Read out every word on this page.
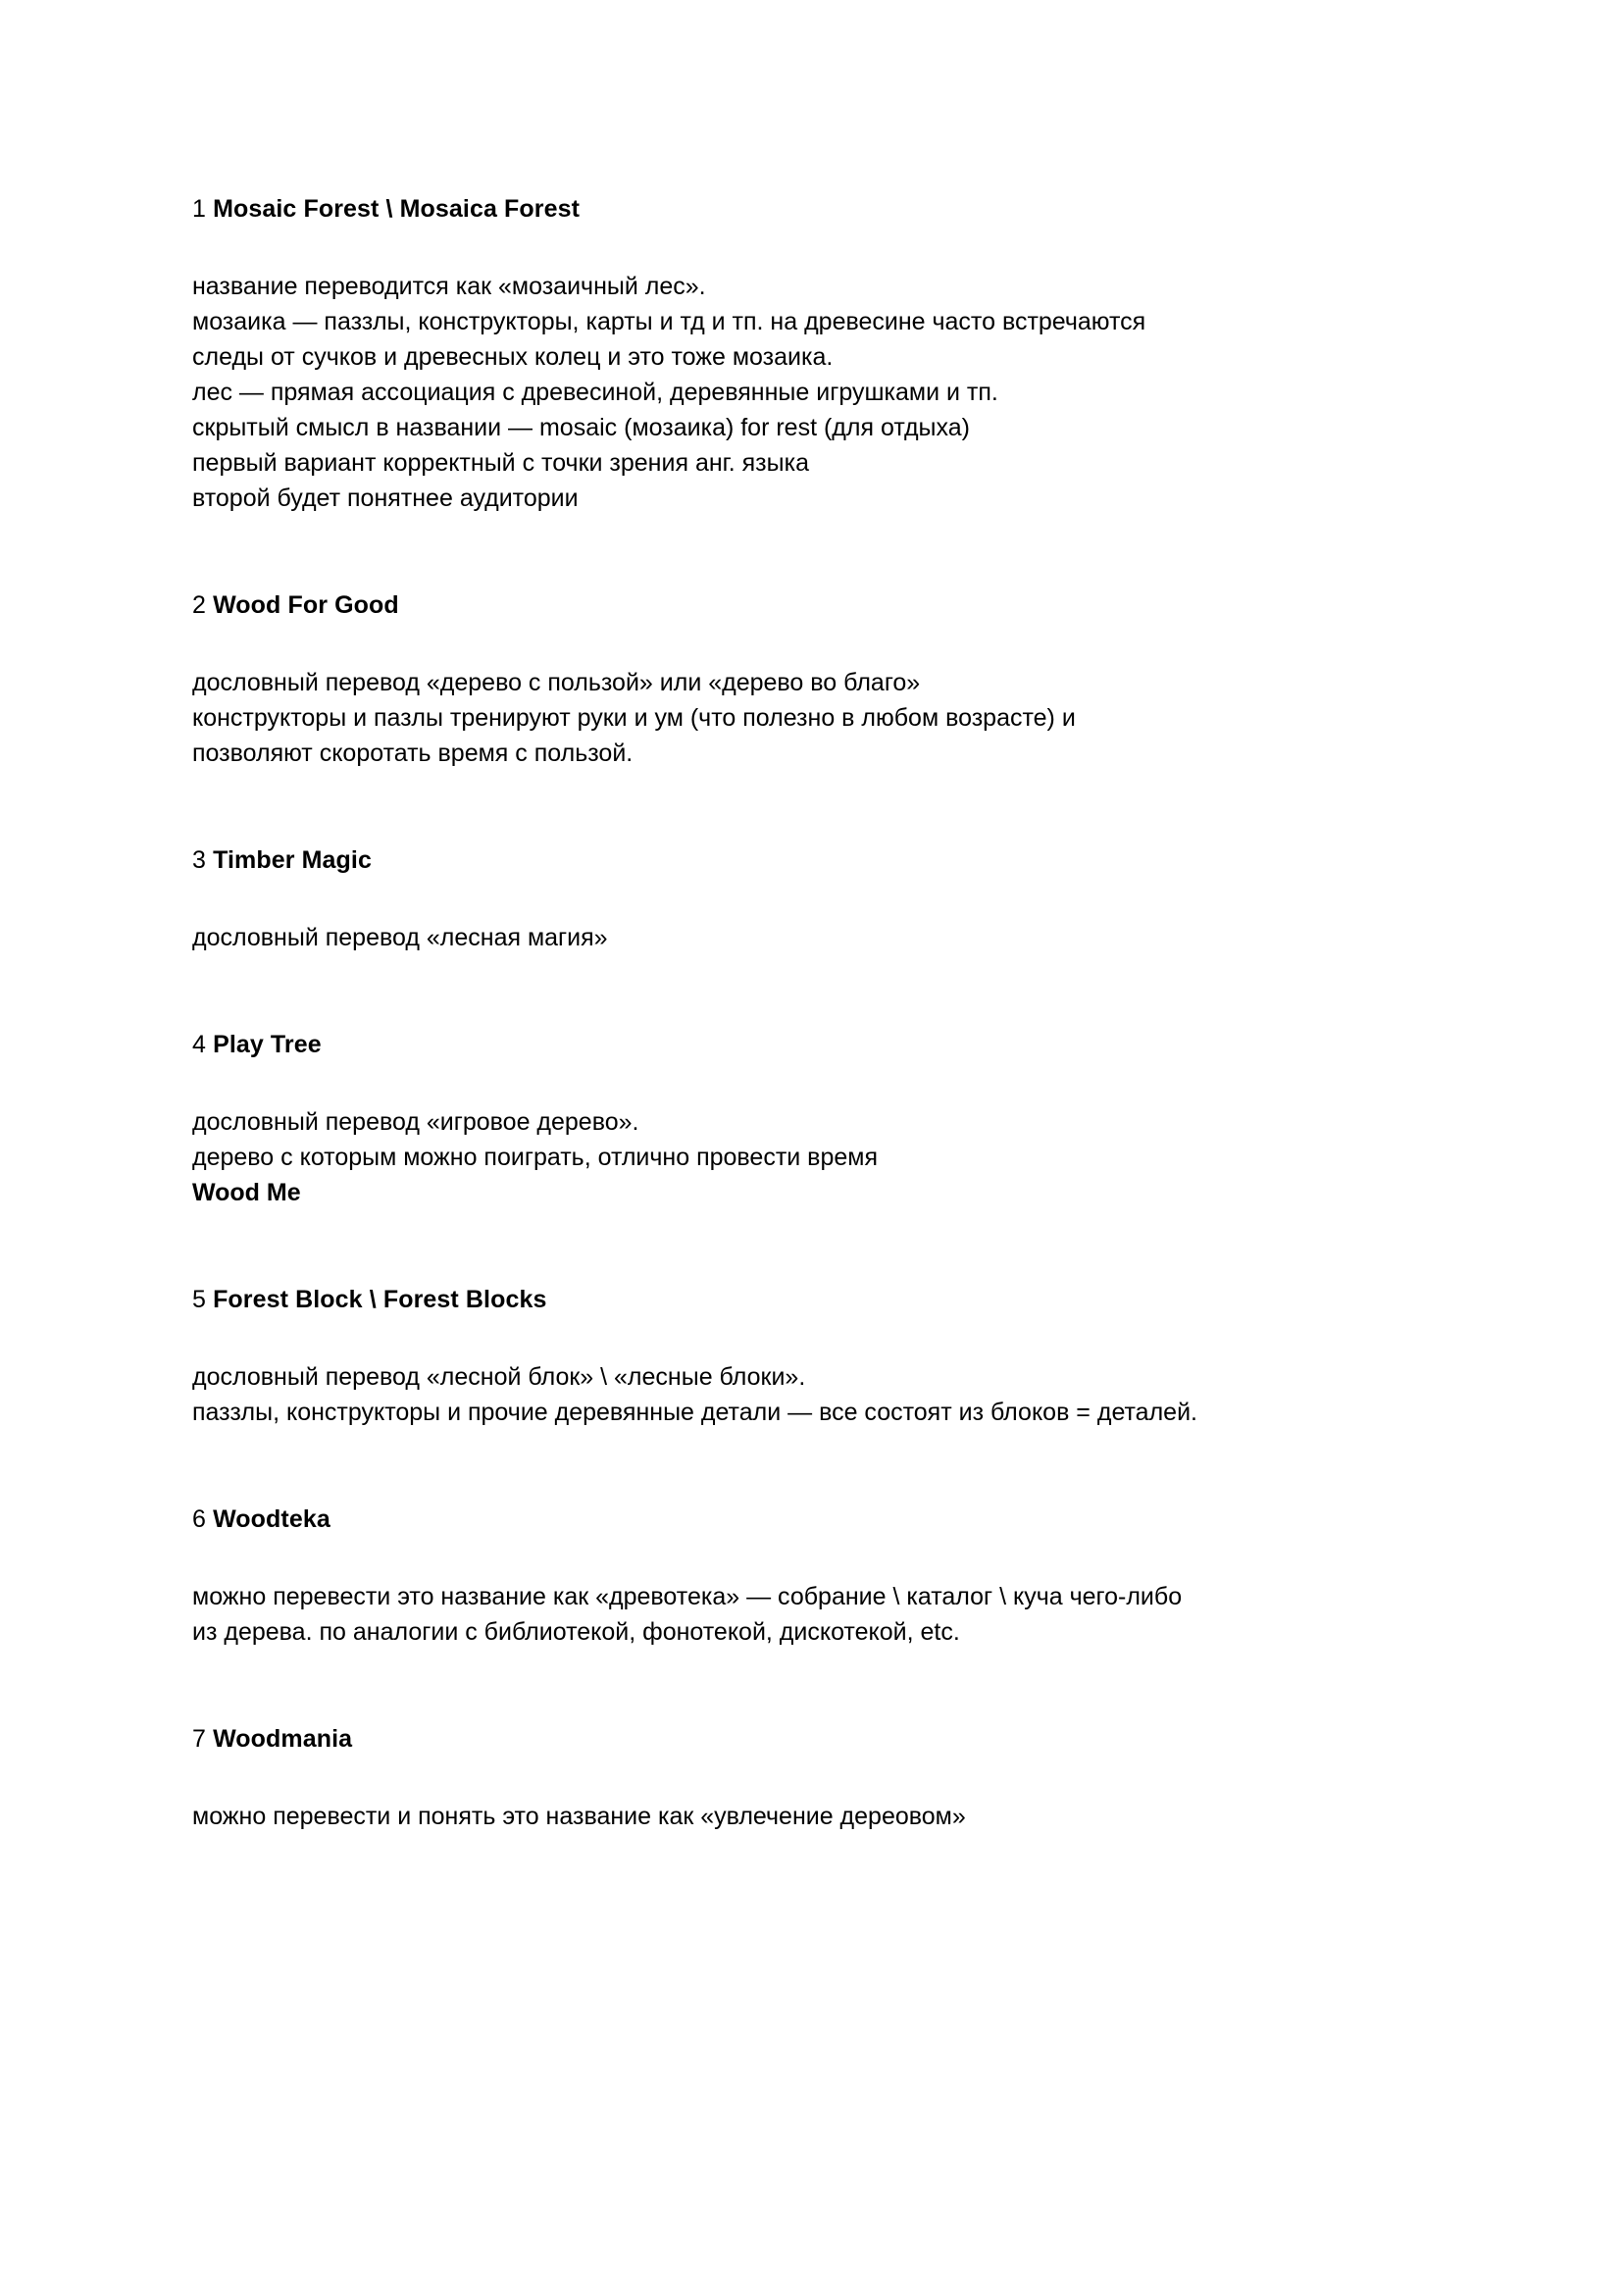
1 Mosaic Forest \ Mosaica Forest
название переводится как «мозаичный лес».
мозаика — паззлы, конструкторы, карты и тд и тп. на древесине часто встречаются
следы от сучков и древесных колец и это тоже мозаика.
лес — прямая ассоциация с древесиной, деревянные игрушками и тп.
скрытый смысл в названии — mosaic (мозаика) for rest (для отдыха)
первый вариант корректный с точки зрения анг. языка
второй будет понятнее аудитории
2 Wood For Good
дословный перевод «дерево с пользой» или «дерево во благо»
конструкторы и пазлы тренируют руки и ум (что полезно в любом возрасте) и
позволяют скоротать время с пользой.
3 Timber Magic
дословный перевод «лесная магия»
4 Play Tree
дословный перевод «игровое дерево».
дерево с которым можно поиграть, отлично провести время
Wood Me
5 Forest Block \ Forest Blocks
дословный перевод «лесной блок» \ «лесные блоки».
паззлы, конструкторы и прочие деревянные детали — все состоят из блоков = деталей.
6 Woodteka
можно перевести это название как «древотека» — собрание \ каталог \ куча чего-либо
из дерева. по аналогии с библиотекой, фонотекой, дискотекой, etc.
7 Woodmania
можно перевести и понять это название как «увлечение дереовом»
